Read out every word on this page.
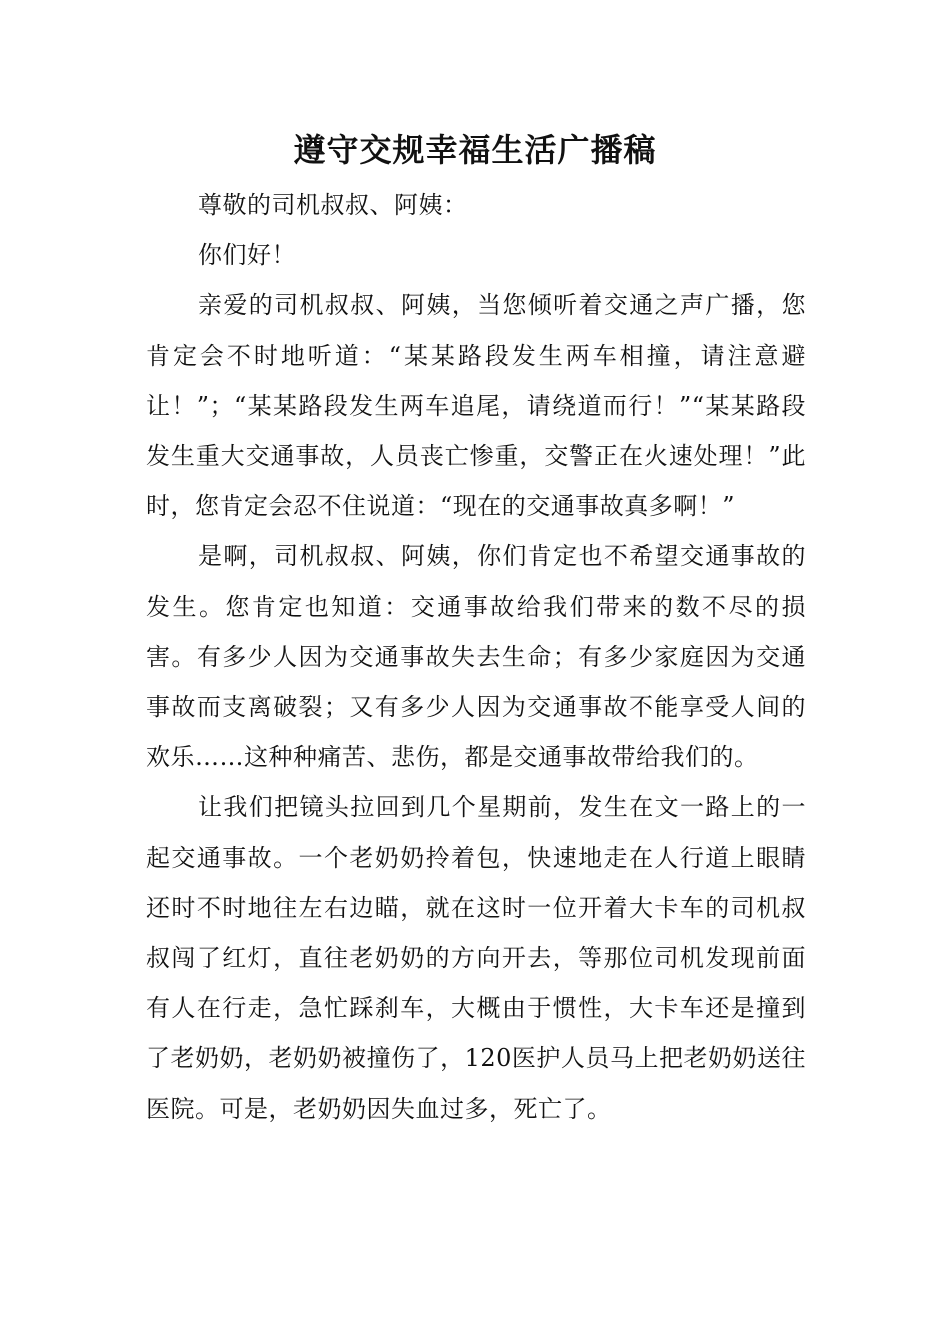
遵守交规幸福生活广播稿

尊敬的司机叔叔、阿姨：

你们好！

亲爱的司机叔叔、阿姨，当您倾听着交通之声广播，您肯定会不时地听道：“某某路段发生两车相撞，请注意避让！”；“某某路段发生两车追尾，请绕道而行！”“某某路段发生重大交通事故，人员丧亡惨重，交警正在火速处理！”此时，您肯定会忍不住说道：“现在的交通事故真多啊！”

是啊，司机叔叔、阿姨，你们肯定也不希望交通事故的发生。您肯定也知道：交通事故给我们带来的数不尽的损害。有多少人因为交通事故失去生命；有多少家庭因为交通事故而支离破裂；又有多少人因为交通事故不能享受人间的欢乐……这种种痛苦、悲伤，都是交通事故带给我们的。

让我们把镜头拉回到几个星期前，发生在文一路上的一起交通事故。一个老奶奶拎着包，快速地走在人行道上眼睛还时不时地往左右边瞄，就在这时一位开着大卡车的司机叔叔闯了红灯，直往老奶奶的方向开去，等那位司机发现前面有人在行走，急忙踩刹车，大概由于惯性，大卡车还是撞到了老奶奶，老奶奶被撞伤了，120医护人员马上把老奶奶送往医院。可是，老奶奶因失血过多，死亡了。
